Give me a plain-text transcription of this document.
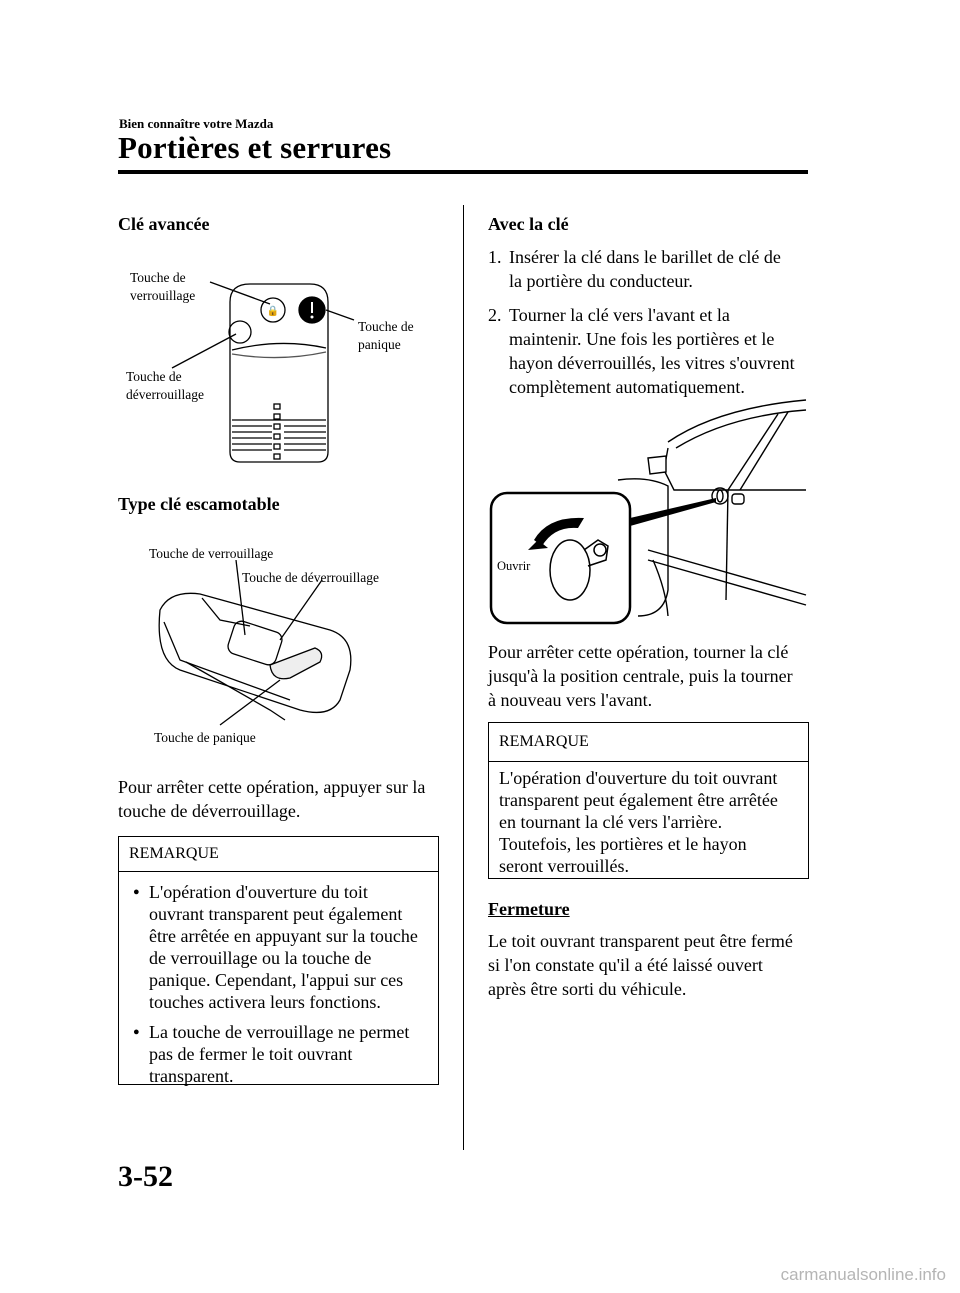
Bien connaître votre Mazda
Portières et serrures
Clé avancée
🔒
Touche de
verrouillage
Touche de
déverrouillage
Touche de
panique
Type clé escamotable
Touche de verrouillage
Touche de déverrouillage
Touche de panique
Pour arrêter cette opération, appuyer sur la
touche de déverrouillage.
REMARQUE
● L'opération d'ouverture du toit
ouvrant transparent peut également
être arrêtée en appuyant sur la touche
de verrouillage ou la touche de
panique. Cependant, l'appui sur ces
touches activera leurs fonctions.
● La touche de verrouillage ne permet
pas de fermer le toit ouvrant
transparent.
Avec la clé
1. Insérer la clé dans le barillet de clé de
la portière du conducteur.
2. Tourner la clé vers l'avant et la
maintenir. Une fois les portières et le
hayon déverrouillés, les vitres s'ouvrent
complètement automatiquement.
Ouvrir
Pour arrêter cette opération, tourner la clé
jusqu'à la position centrale, puis la tourner
à nouveau vers l'avant.
REMARQUE
L'opération d'ouverture du toit ouvrant
transparent peut également être arrêtée
en tournant la clé vers l'arrière.
Toutefois, les portières et le hayon
seront verrouillés.
Fermeture
Le toit ouvrant transparent peut être fermé
si l'on constate qu'il a été laissé ouvert
après être sorti du véhicule.
3-52
carmanualsonline.info
